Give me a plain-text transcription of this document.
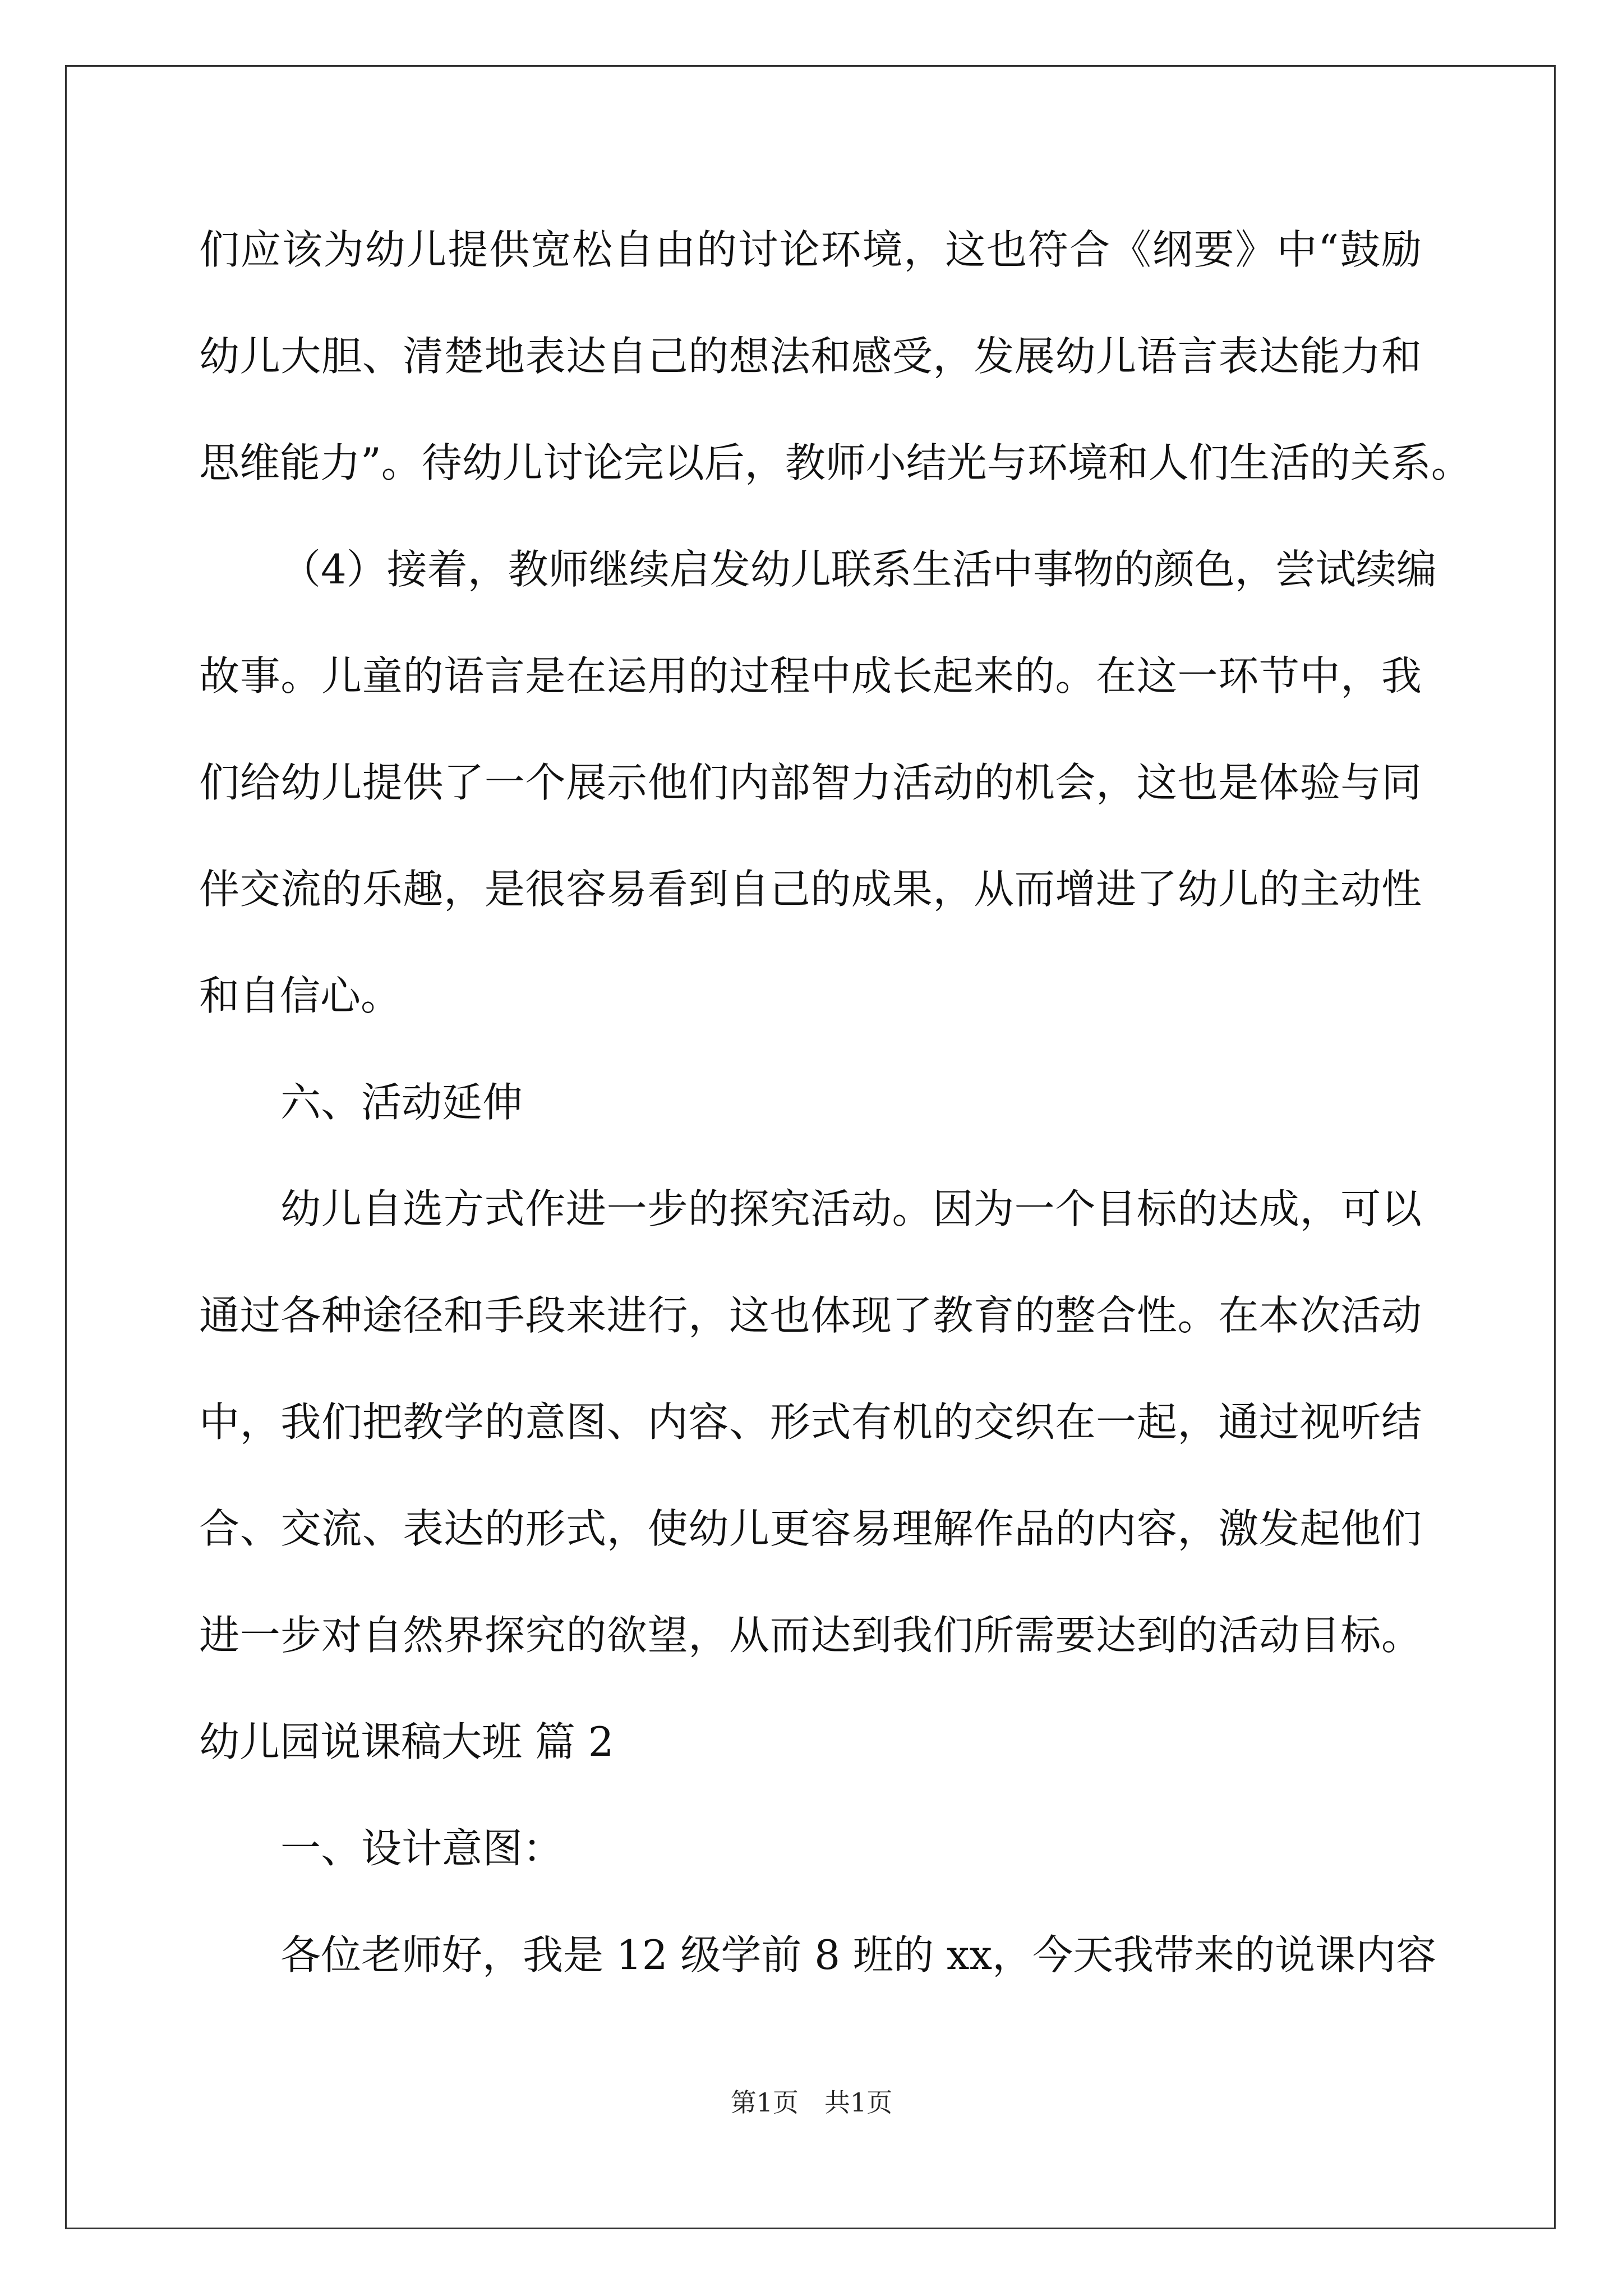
们应该为幼儿提供宽松自由的讨论环境，这也符合《纲要》中“鼓励
幼儿大胆、清楚地表达自己的想法和感受，发展幼儿语言表达能力和
思维能力”。待幼儿讨论完以后，教师小结光与环境和人们生活的关系。
（4）接着，教师继续启发幼儿联系生活中事物的颜色，尝试续编
故事。儿童的语言是在运用的过程中成长起来的。在这一环节中，我
们给幼儿提供了一个展示他们内部智力活动的机会，这也是体验与同
伴交流的乐趣，是很容易看到自己的成果，从而增进了幼儿的主动性
和自信心。
六、活动延伸
幼儿自选方式作进一步的探究活动。因为一个目标的达成，可以
通过各种途径和手段来进行，这也体现了教育的整合性。在本次活动
中，我们把教学的意图、内容、形式有机的交织在一起，通过视听结
合、交流、表达的形式，使幼儿更容易理解作品的内容，激发起他们
进一步对自然界探究的欲望，从而达到我们所需要达到的活动目标。
幼儿园说课稿大班 篇 2
一、设计意图：
各位老师好，我是 12 级学前 8 班的 xx，今天我带来的说课内容
第1页　共1页
